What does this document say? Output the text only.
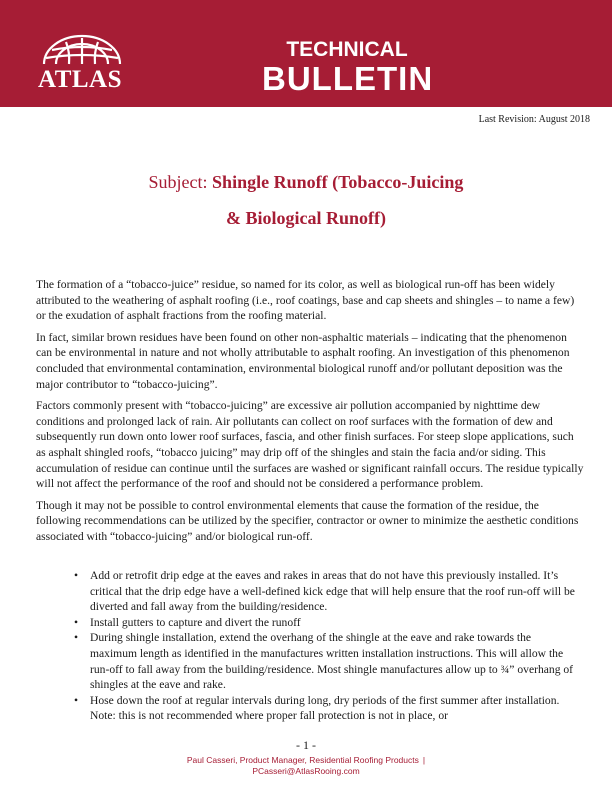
ATLAS
TECHNICAL
BULLETIN
Last Revision: August 2018
Subject: Shingle Runoff (Tobacco-Juicing
& Biological Runoff)

The formation of a “tobacco-juice” residue, so named for its color, as well as biological run-off has been widely attributed to the weathering of asphalt roofing (i.e., roof coatings, base and cap sheets and shingles – to name a few) or the exudation of asphalt fractions from the roofing material.

In fact, similar brown residues have been found on other non-asphaltic materials – indicating that the phenomenon can be environmental in nature and not wholly attributable to asphalt roofing. An investigation of this phenomenon concluded that environmental contamination, environmental biological runoff and/or pollutant deposition was the major contributor to “tobacco-juicing”.

Factors commonly present with “tobacco-juicing” are excessive air pollution accompanied by nighttime dew conditions and prolonged lack of rain. Air pollutants can collect on roof surfaces with the formation of dew and subsequently run down onto lower roof surfaces, fascia, and other finish surfaces. For steep slope applications, such as asphalt shingled roofs, “tobacco juicing” may drip off of the shingles and stain the facia and/or siding. This accumulation of residue can continue until the surfaces are washed or significant rainfall occurs. The residue typically will not affect the performance of the roof and should not be considered a performance problem.

Though it may not be possible to control environmental elements that cause the formation of the residue, the following recommendations can be utilized by the specifier, contractor or owner to minimize the aesthetic conditions associated with “tobacco-juicing” and/or biological run-off.

• Add or retrofit drip edge at the eaves and rakes in areas that do not have this previously installed. It’s critical that the drip edge have a well-defined kick edge that will help ensure that the roof run-off will be diverted and fall away from the building/residence.

• Install gutters to capture and divert the runoff

• During shingle installation, extend the overhang of the shingle at the eave and rake towards the maximum length as identified in the manufactures written installation instructions. This will allow the run-off to fall away from the building/residence. Most shingle manufactures allow up to ¾” overhang of shingles at the eave and rake.

• Hose down the roof at regular intervals during long, dry periods of the first summer after installation. Note: this is not recommended where proper fall protection is not in place, or

- 1 -
Paul Casseri, Product Manager, Residential Roofing Products |
PCasseri@AtlasRooing.com
